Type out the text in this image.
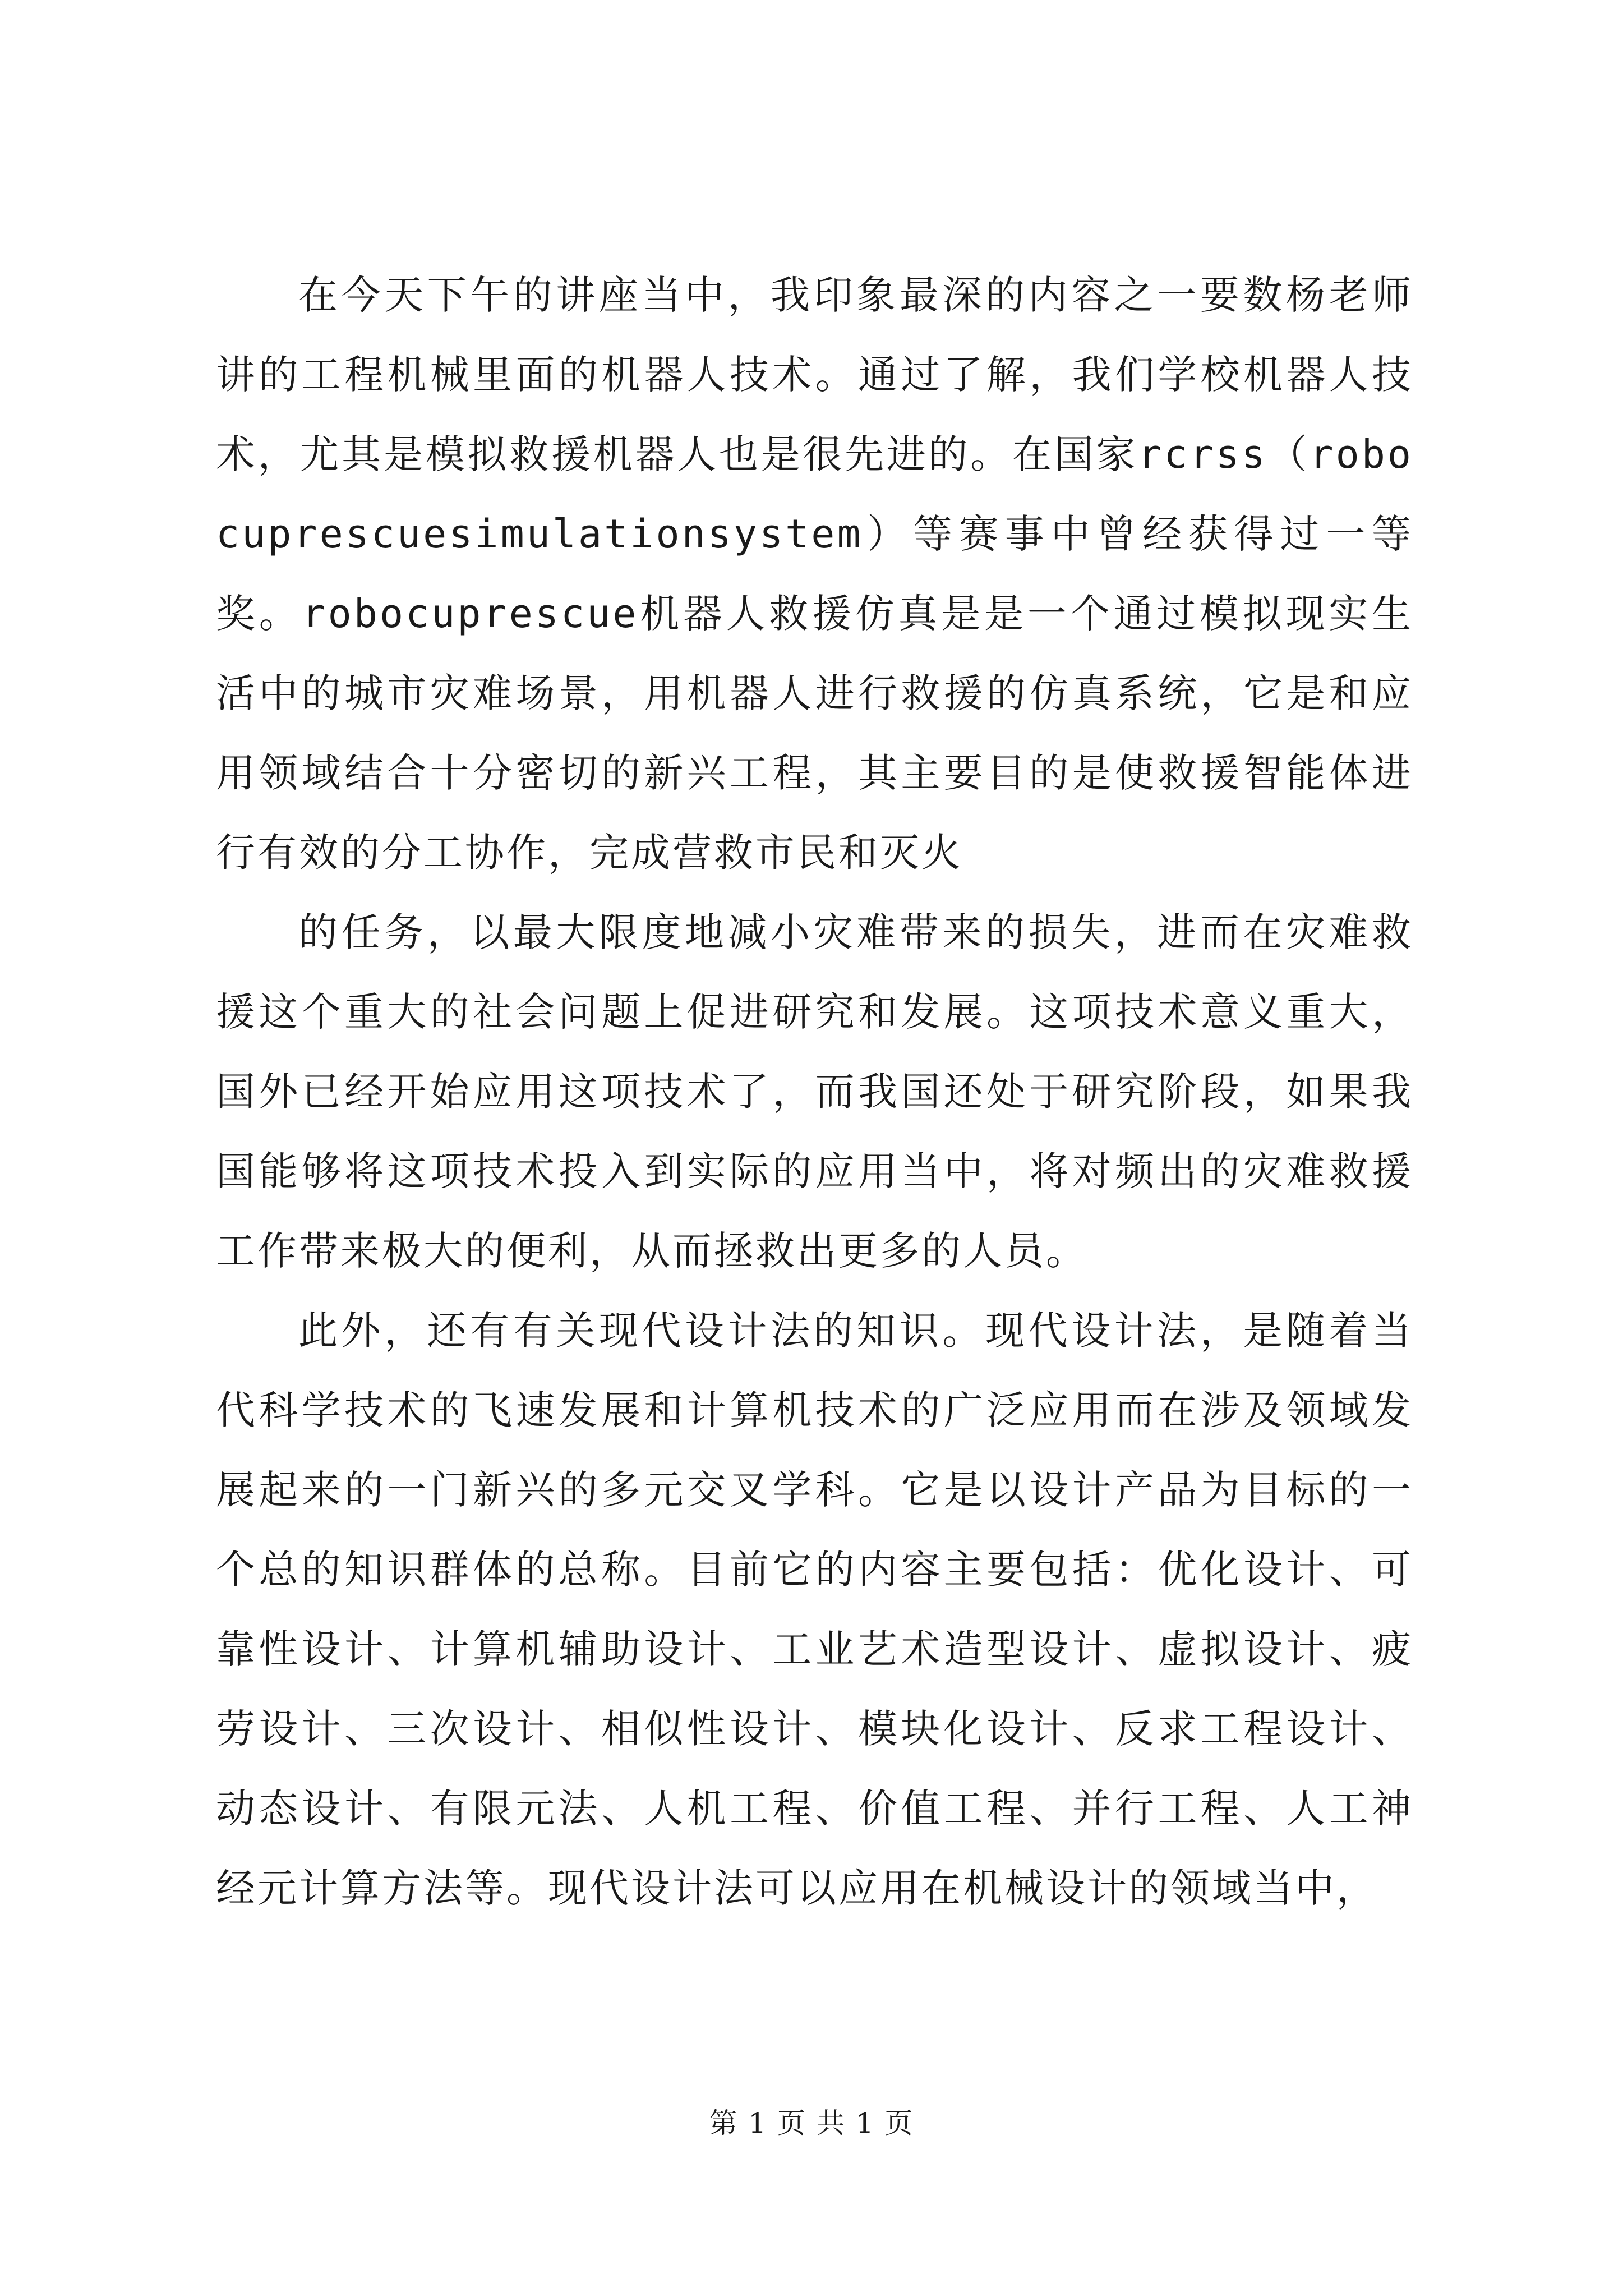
在今天下午的讲座当中，我印象最深的内容之一要数杨老师讲的工程机械里面的机器人技术。通过了解，我们学校机器人技术，尤其是模拟救援机器人也是很先进的。在国家rcrss（robocuprescuesimulationsystem）等赛事中曾经获得过一等奖。robocuprescue机器人救援仿真是是一个通过模拟现实生活中的城市灾难场景，用机器人进行救援的仿真系统，它是和应用领域结合十分密切的新兴工程，其主要目的是使救援智能体进行有效的分工协作，完成营救市民和灭火

的任务，以最大限度地减小灾难带来的损失，进而在灾难救援这个重大的社会问题上促进研究和发展。这项技术意义重大，国外已经开始应用这项技术了，而我国还处于研究阶段，如果我国能够将这项技术投入到实际的应用当中，将对频出的灾难救援工作带来极大的便利，从而拯救出更多的人员。

此外，还有有关现代设计法的知识。现代设计法，是随着当代科学技术的飞速发展和计算机技术的广泛应用而在涉及领域发展起来的一门新兴的多元交叉学科。它是以设计产品为目标的一个总的知识群体的总称。目前它的内容主要包括：优化设计、可靠性设计、计算机辅助设计、工业艺术造型设计、虚拟设计、疲劳设计、三次设计、相似性设计、模块化设计、反求工程设计、动态设计、有限元法、人机工程、价值工程、并行工程、人工神经元计算方法等。现代设计法可以应用在机械设计的领域当中，

第 1 页 共 1 页
